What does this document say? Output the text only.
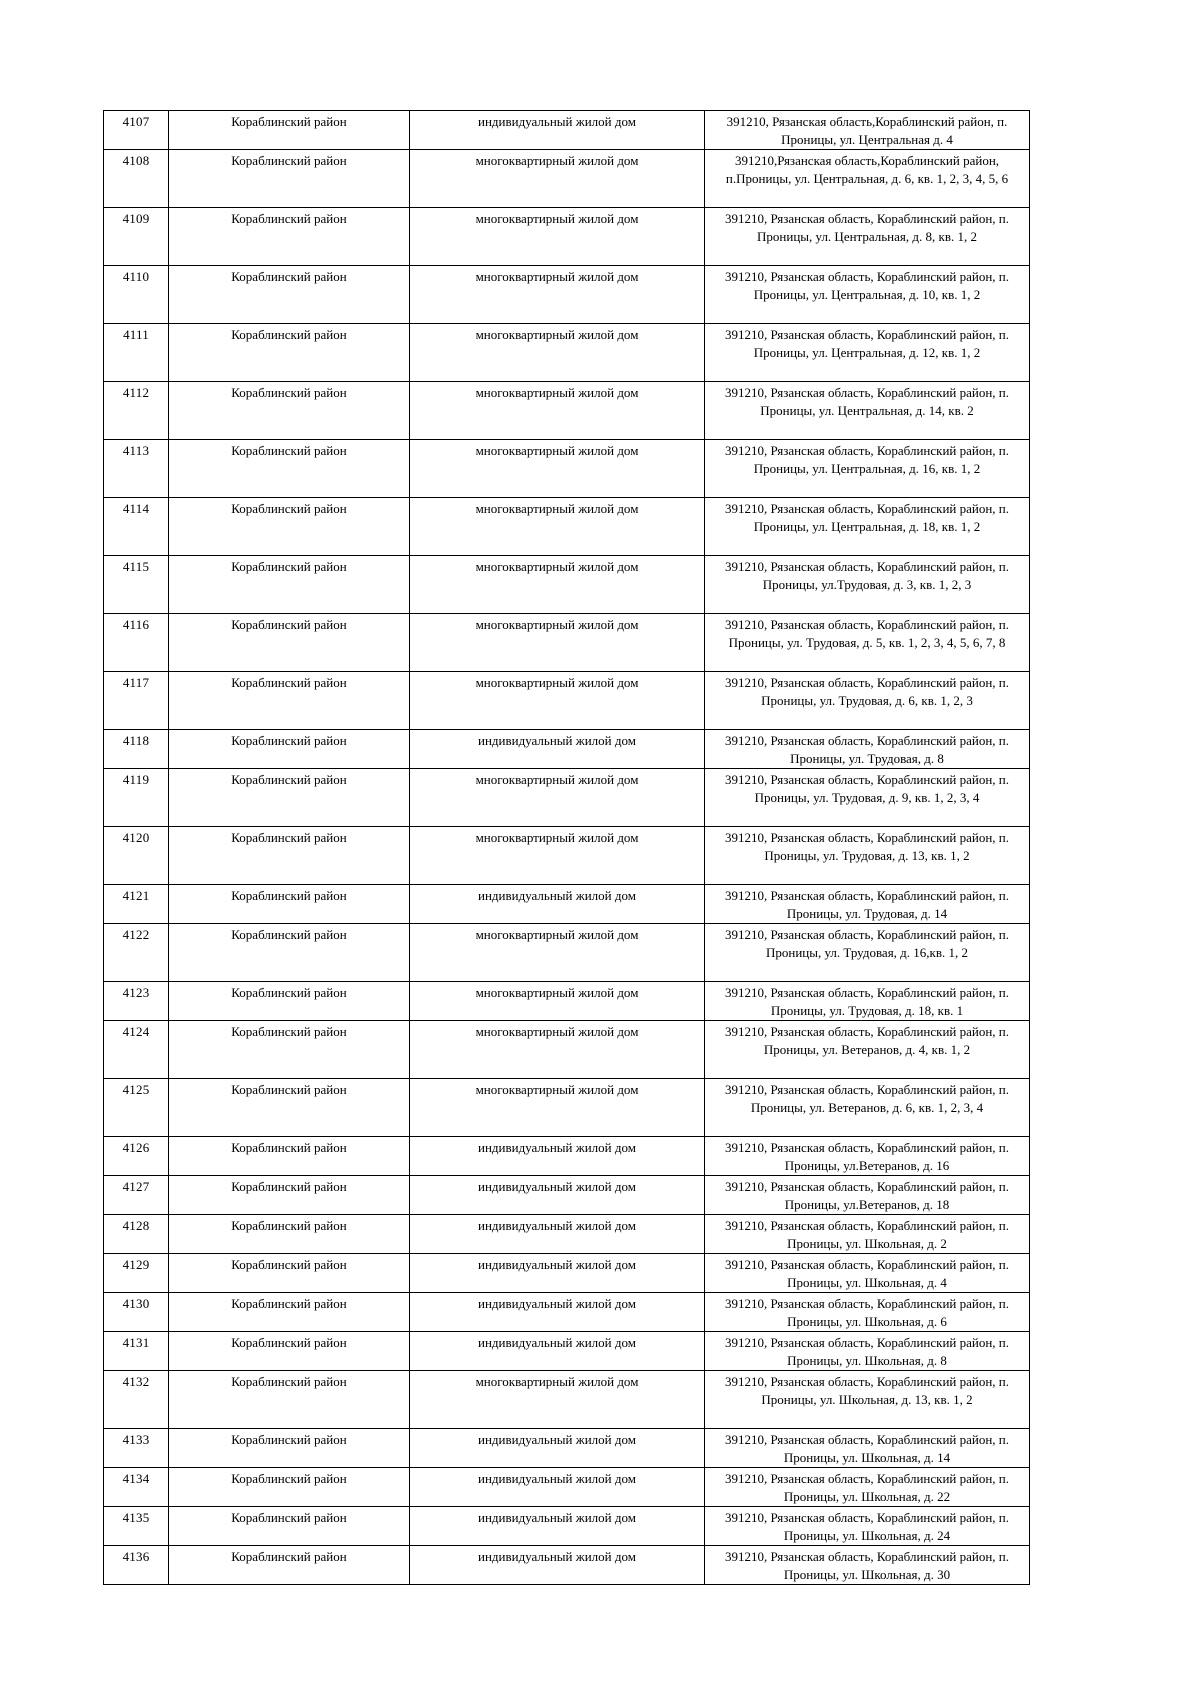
4107	Кораблинский район	индивидуальный жилой дом	391210, Рязанская область,Кораблинский район, п. Проницы, ул. Центральная д. 4
4108	Кораблинский район	многоквартирный жилой дом	391210,Рязанская область,Кораблинский район, п.Проницы, ул. Центральная, д. 6, кв. 1, 2, 3, 4, 5, 6
4109	Кораблинский район	многоквартирный жилой дом	391210, Рязанская область, Кораблинский район, п. Проницы, ул. Центральная, д. 8, кв. 1, 2
4110	Кораблинский район	многоквартирный жилой дом	391210, Рязанская область, Кораблинский район, п. Проницы, ул. Центральная, д. 10, кв. 1, 2
4111	Кораблинский район	многоквартирный жилой дом	391210, Рязанская область, Кораблинский район, п. Проницы, ул. Центральная, д. 12, кв. 1, 2
4112	Кораблинский район	многоквартирный жилой дом	391210, Рязанская область, Кораблинский район, п. Проницы, ул. Центральная, д. 14, кв. 2
4113	Кораблинский район	многоквартирный жилой дом	391210, Рязанская область, Кораблинский район, п. Проницы, ул. Центральная, д. 16, кв. 1, 2
4114	Кораблинский район	многоквартирный жилой дом	391210, Рязанская область, Кораблинский район, п. Проницы, ул. Центральная, д. 18, кв. 1, 2
4115	Кораблинский район	многоквартирный жилой дом	391210, Рязанская область, Кораблинский район, п. Проницы, ул.Трудовая, д. 3, кв. 1, 2, 3
4116	Кораблинский район	многоквартирный жилой дом	391210, Рязанская область, Кораблинский район, п. Проницы, ул. Трудовая, д. 5, кв. 1, 2, 3, 4, 5, 6, 7, 8
4117	Кораблинский район	многоквартирный жилой дом	391210, Рязанская область, Кораблинский район, п. Проницы, ул. Трудовая, д. 6, кв. 1, 2, 3
4118	Кораблинский район	индивидуальный жилой дом	391210, Рязанская область, Кораблинский район, п. Проницы, ул. Трудовая, д. 8
4119	Кораблинский район	многоквартирный жилой дом	391210, Рязанская область, Кораблинский район, п. Проницы, ул. Трудовая, д. 9, кв. 1, 2, 3, 4
4120	Кораблинский район	многоквартирный жилой дом	391210, Рязанская область, Кораблинский район, п. Проницы, ул. Трудовая, д. 13, кв. 1, 2
4121	Кораблинский район	индивидуальный жилой дом	391210, Рязанская область, Кораблинский район, п. Проницы, ул. Трудовая, д. 14
4122	Кораблинский район	многоквартирный жилой дом	391210, Рязанская область, Кораблинский район, п. Проницы, ул. Трудовая, д. 16,кв. 1, 2
4123	Кораблинский район	многоквартирный жилой дом	391210, Рязанская область, Кораблинский район, п. Проницы, ул. Трудовая, д. 18, кв. 1
4124	Кораблинский район	многоквартирный жилой дом	391210, Рязанская область, Кораблинский район, п. Проницы, ул. Ветеранов, д. 4, кв. 1, 2
4125	Кораблинский район	многоквартирный жилой дом	391210, Рязанская область, Кораблинский район, п. Проницы, ул. Ветеранов, д. 6, кв. 1, 2, 3, 4
4126	Кораблинский район	индивидуальный жилой дом	391210, Рязанская область, Кораблинский район, п. Проницы, ул.Ветеранов, д. 16
4127	Кораблинский район	индивидуальный жилой дом	391210, Рязанская область, Кораблинский район, п. Проницы, ул.Ветеранов, д. 18
4128	Кораблинский район	индивидуальный жилой дом	391210, Рязанская область, Кораблинский район, п. Проницы, ул. Школьная, д. 2
4129	Кораблинский район	индивидуальный жилой дом	391210, Рязанская область, Кораблинский район, п. Проницы, ул. Школьная, д. 4
4130	Кораблинский район	индивидуальный жилой дом	391210, Рязанская область, Кораблинский район, п. Проницы, ул. Школьная, д. 6
4131	Кораблинский район	индивидуальный жилой дом	391210, Рязанская область, Кораблинский район, п. Проницы, ул. Школьная, д. 8
4132	Кораблинский район	многоквартирный жилой дом	391210, Рязанская область, Кораблинский район, п. Проницы, ул. Школьная, д. 13, кв. 1, 2
4133	Кораблинский район	индивидуальный жилой дом	391210, Рязанская область, Кораблинский район, п. Проницы, ул. Школьная, д. 14
4134	Кораблинский район	индивидуальный жилой дом	391210, Рязанская область, Кораблинский район, п. Проницы, ул. Школьная, д. 22
4135	Кораблинский район	индивидуальный жилой дом	391210, Рязанская область, Кораблинский район, п. Проницы, ул. Школьная, д. 24
4136	Кораблинский район	индивидуальный жилой дом	391210, Рязанская область, Кораблинский район, п. Проницы, ул. Школьная, д. 30
